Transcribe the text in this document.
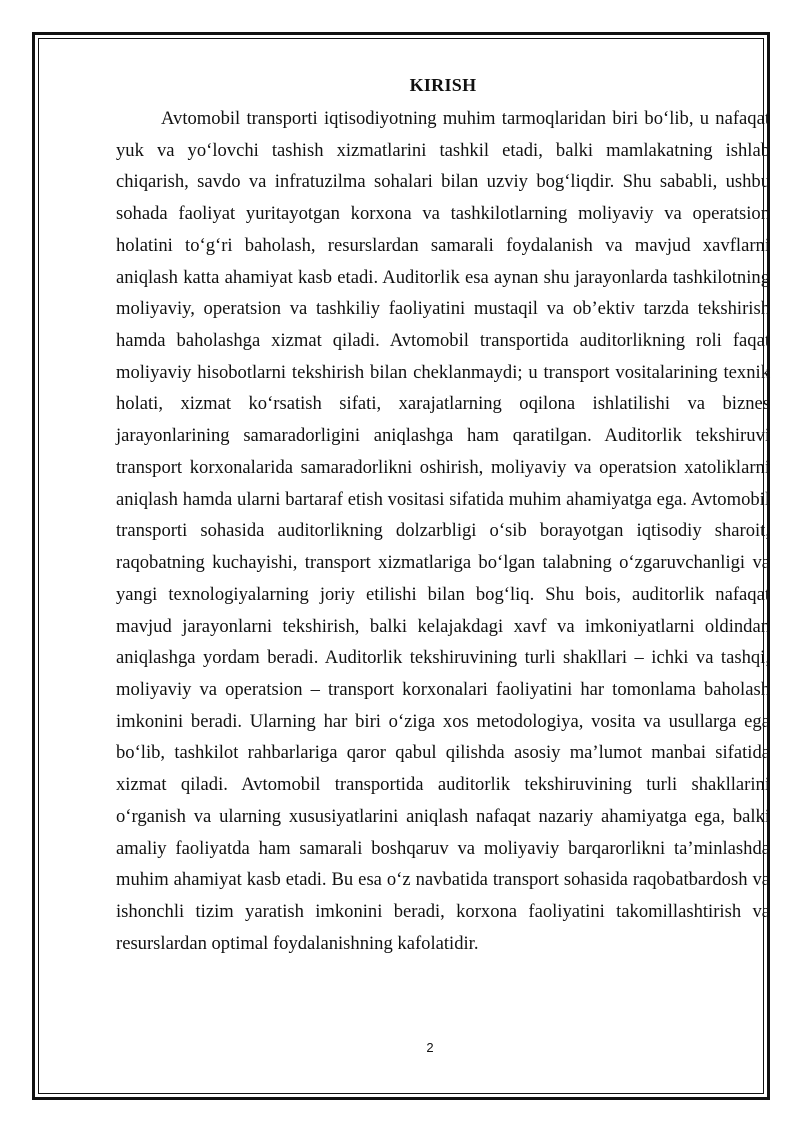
KIRISH

Avtomobil transporti iqtisodiyotning muhim tarmoqlaridan biri bo‘lib, u nafaqat yuk va yo‘lovchi tashish xizmatlarini tashkil etadi, balki mamlakatning ishlab chiqarish, savdo va infratuzilma sohalari bilan uzviy bog‘liqdir. Shu sababli, ushbu sohada faoliyat yuritayotgan korxona va tashkilotlarning moliyaviy va operatsion holatini to‘g‘ri baholash, resurslardan samarali foydalanish va mavjud xavflarni aniqlash katta ahamiyat kasb etadi. Auditorlik esa aynan shu jarayonlarda tashkilotning moliyaviy, operatsion va tashkiliy faoliyatini mustaqil va ob’ektiv tarzda tekshirish hamda baholashga xizmat qiladi. Avtomobil transportida auditorlikning roli faqat moliyaviy hisobotlarni tekshirish bilan cheklanmaydi; u transport vositalarining texnik holati, xizmat ko‘rsatish sifati, xarajatlarning oqilona ishlatilishi va biznes jarayonlarining samaradorligini aniqlashga ham qaratilgan. Auditorlik tekshiruvi transport korxonalarida samaradorlikni oshirish, moliyaviy va operatsion xatoliklarni aniqlash hamda ularni bartaraf etish vositasi sifatida muhim ahamiyatga ega. Avtomobil transporti sohasida auditorlikning dolzarbligi o‘sib borayotgan iqtisodiy sharoit, raqobatning kuchayishi, transport xizmatlariga bo‘lgan talabning o‘zgaruvchanligi va yangi texnologiyalarning joriy etilishi bilan bog‘liq. Shu bois, auditorlik nafaqat mavjud jarayonlarni tekshirish, balki kelajakdagi xavf va imkoniyatlarni oldindan aniqlashga yordam beradi. Auditorlik tekshiruvining turli shakllari – ichki va tashqi, moliyaviy va operatsion – transport korxonalari faoliyatini har tomonlama baholash imkonini beradi. Ularning har biri o‘ziga xos metodologiya, vosita va usullarga ega bo‘lib, tashkilot rahbarlariga qaror qabul qilishda asosiy ma’lumot manbai sifatida xizmat qiladi. Avtomobil transportida auditorlik tekshiruvining turli shakllarini o‘rganish va ularning xususiyatlarini aniqlash nafaqat nazariy ahamiyatga ega, balki amaliy faoliyatda ham samarali boshqaruv va moliyaviy barqarorlikni ta’minlashda muhim ahamiyat kasb etadi. Bu esa o‘z navbatida transport sohasida raqobatbardosh va ishonchli tizim yaratish imkonini beradi, korxona faoliyatini takomillashtirish va resurslardan optimal foydalanishning kafolatidir.

2
